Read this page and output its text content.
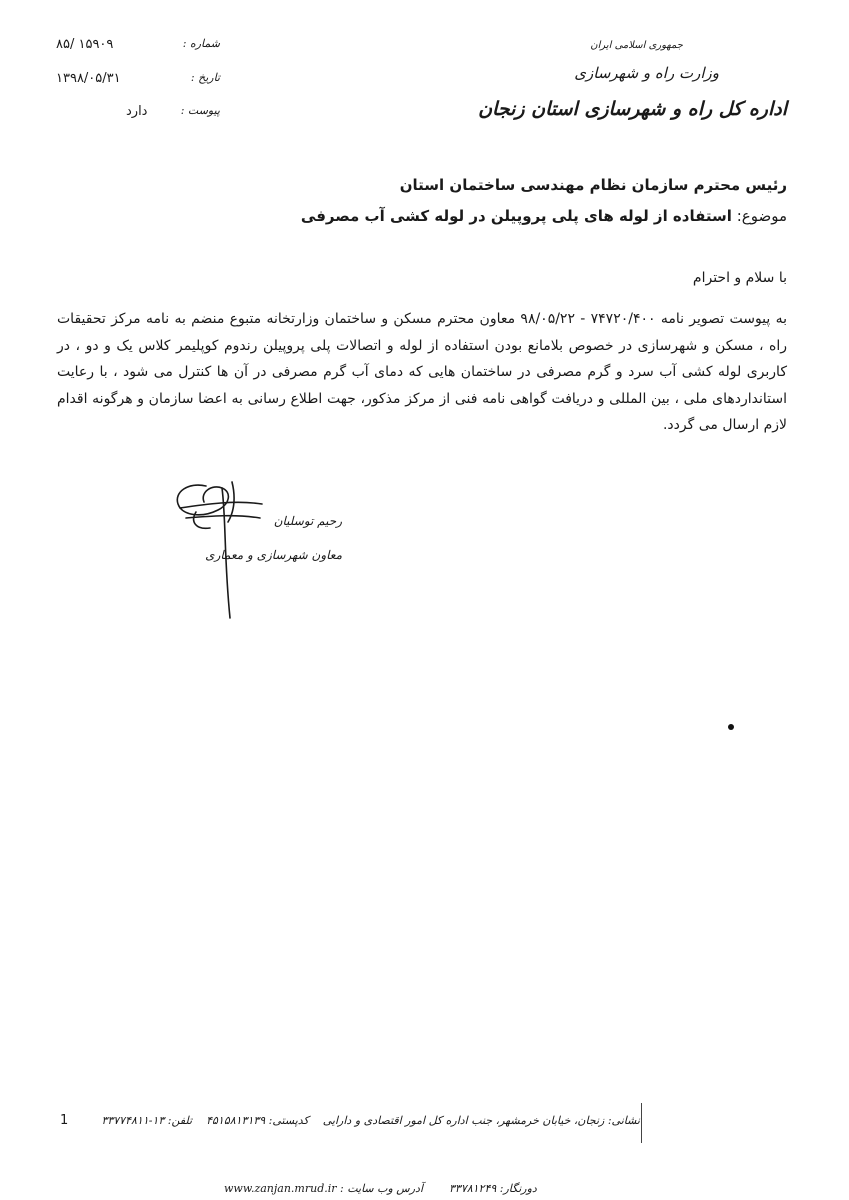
جمهوری اسلامی ایران
وزارت راه و شهرسازی
اداره کل راه و شهرسازی استان زنجان
۸۵/ ۱۵۹۰۹	شماره :
۱۳۹۸/۰۵/۳۱	تاریخ :
دارد	پیوست :
رئیس محترم سازمان نظام مهندسی ساختمان استان
موضوع: استفاده از لوله های پلی پروپیلن در لوله کشی آب مصرفی
با سلام و احترام
به پیوست تصویر نامه ۷۴۷۲۰/۴۰۰ - ۹۸/۰۵/۲۲ معاون محترم مسکن و ساختمان وزارتخانه متبوع منضم به نامه مرکز تحقیقات راه ، مسکن و شهرسازی در خصوص بلامانع بودن استفاده از لوله و اتصالات پلی پروپیلن رندوم کوپلیمر کلاس یک و دو ، در کاربری لوله کشی آب سرد و گرم مصرفی در ساختمان هایی که دمای آب گرم مصرفی در آن ها کنترل می شود ، با رعایت استانداردهای ملی ، بین المللی و دریافت گواهی نامه فنی از مرکز مذکور، جهت اطلاع رسانی به اعضا سازمان و هرگونه اقدام لازم ارسال می گردد.
رحیم توسلیان
معاون شهرسازی و معماری
1	نشانی: زنجان، خیابان خرمشهر، جنب اداره کل امور اقتصادی و داراییکدپستی: ۴۵۱۵۸۱۳۱۳۹تلفن: ۱۳-۳۳۷۷۴۸۱۱
دورنگار: ۳۳۷۸۱۲۴۹آدرس وب سایت : www.zanjan.mrud.ir
